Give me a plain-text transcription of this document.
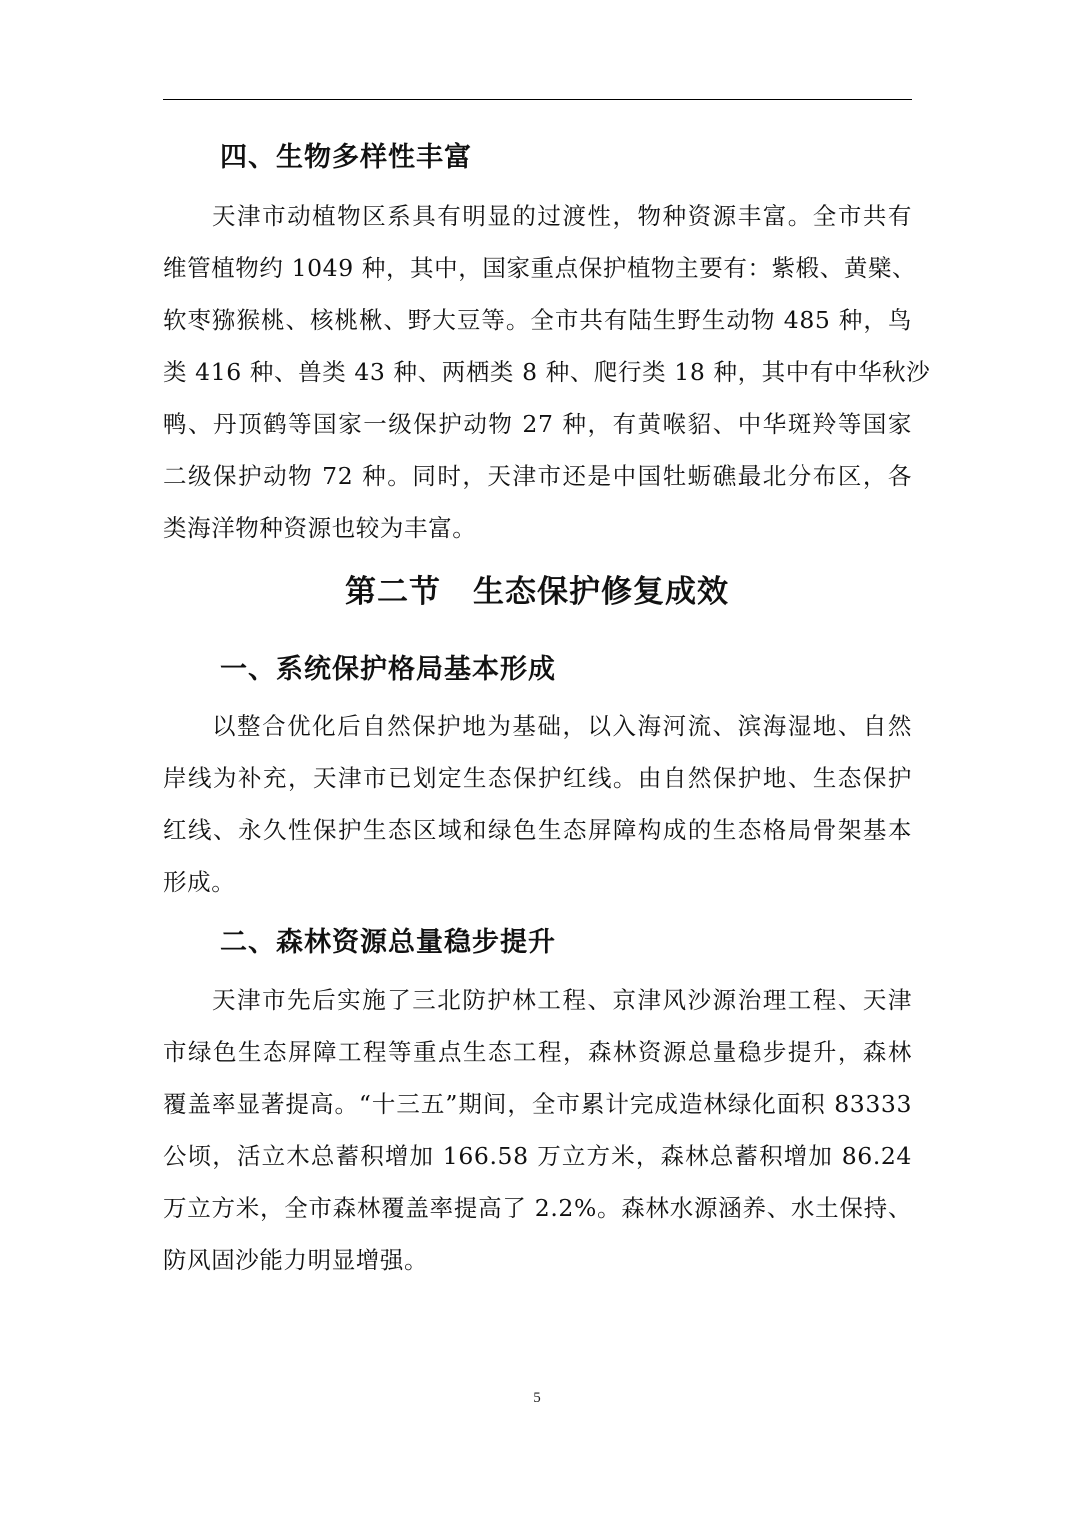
四、生物多样性丰富
天津市动植物区系具有明显的过渡性，物种资源丰富。全市共有
维管植物约 1049 种，其中，国家重点保护植物主要有：紫椴、黄檗、
软枣猕猴桃、核桃楸、野大豆等。全市共有陆生野生动物 485 种，鸟
类 416 种、兽类 43 种、两栖类 8 种、爬行类 18 种，其中有中华秋沙
鸭、丹顶鹤等国家一级保护动物 27 种，有黄喉貂、中华斑羚等国家
二级保护动物 72 种。同时，天津市还是中国牡蛎礁最北分布区，各
类海洋物种资源也较为丰富。
第二节　生态保护修复成效
一、系统保护格局基本形成
以整合优化后自然保护地为基础，以入海河流、滨海湿地、自然
岸线为补充，天津市已划定生态保护红线。由自然保护地、生态保护
红线、永久性保护生态区域和绿色生态屏障构成的生态格局骨架基本
形成。
二、森林资源总量稳步提升
天津市先后实施了三北防护林工程、京津风沙源治理工程、天津
市绿色生态屏障工程等重点生态工程，森林资源总量稳步提升，森林
覆盖率显著提高。“十三五”期间，全市累计完成造林绿化面积 83333
公顷，活立木总蓄积增加 166.58 万立方米，森林总蓄积增加 86.24
万立方米，全市森林覆盖率提高了 2.2%。森林水源涵养、水土保持、
防风固沙能力明显增强。
5
